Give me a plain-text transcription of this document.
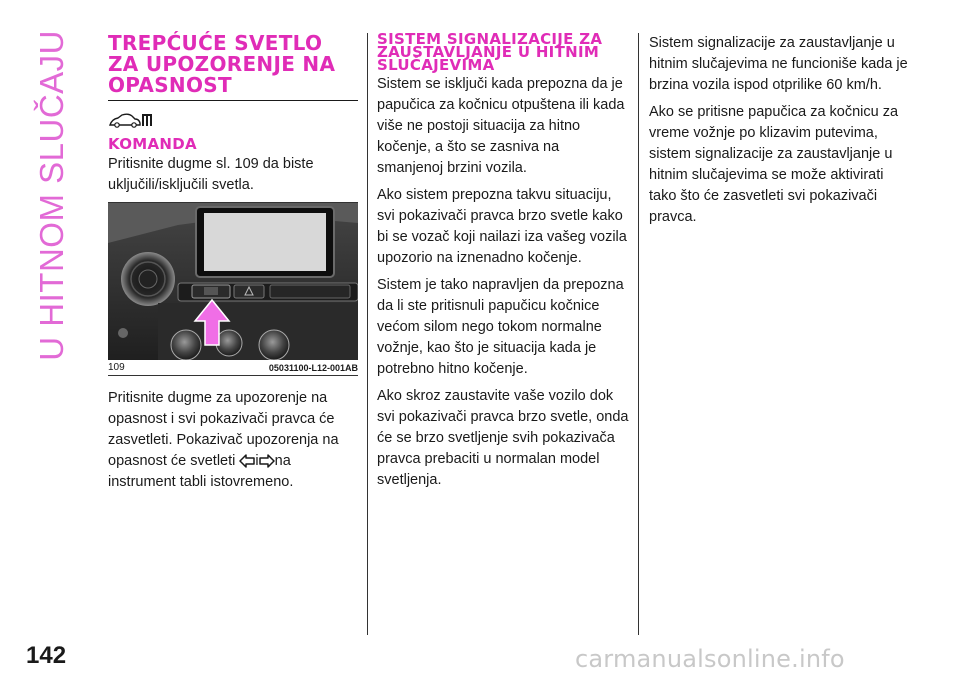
U HITNOM SLUČAJU TREPĆUĆE SVETLO ZA UPOZORENJE NA OPASNOST
KOMANDA

Pritisnite dugme sl. 109 da biste uključili/isključili svetla.

109	05031100-L12-001AB

Pritisnite dugme za upozorenje na opasnost i svi pokazivači pravca će zasvetleti. Pokazivač upozorenja na opasnost će svetleti i na instrument tabli istovremeno.

SISTEM SIGNALIZACIJE ZA ZAUSTAVLJANJE U HITNIM SLUČAJEVIMA

Sistem se isključi kada prepozna da je papučica za kočnicu otpuštena ili kada više ne postoji situacija za hitno kočenje, a što se zasniva na smanjenoj brzini vozila.

Ako sistem prepozna takvu situaciju, svi pokazivači pravca brzo svetle kako bi se vozač koji nailazi iza vašeg vozila upozorio na iznenadno kočenje.

Sistem je tako napravljen da prepozna da li ste pritisnuli papučicu kočnice većom silom nego tokom normalne vožnje, kao što je situacija kada je potrebno hitno kočenje.

Ako skroz zaustavite vaše vozilo dok svi pokazivači pravca brzo svetle, onda će se brzo svetljenje svih pokazivača pravca prebaciti u normalan model svetljenja.

Sistem signalizacije za zaustavljanje u hitnim slučajevima ne funcioniše kada je brzina vozila ispod otprilike 60 km/h.

Ako se pritisne papučica za kočnicu za vreme vožnje po klizavim putevima, sistem signalizacije za zaustavljanje u hitnim slučajevima se može aktivirati tako što će zasvetleti svi pokazivači pravca.

142	carmanualsonline.info
